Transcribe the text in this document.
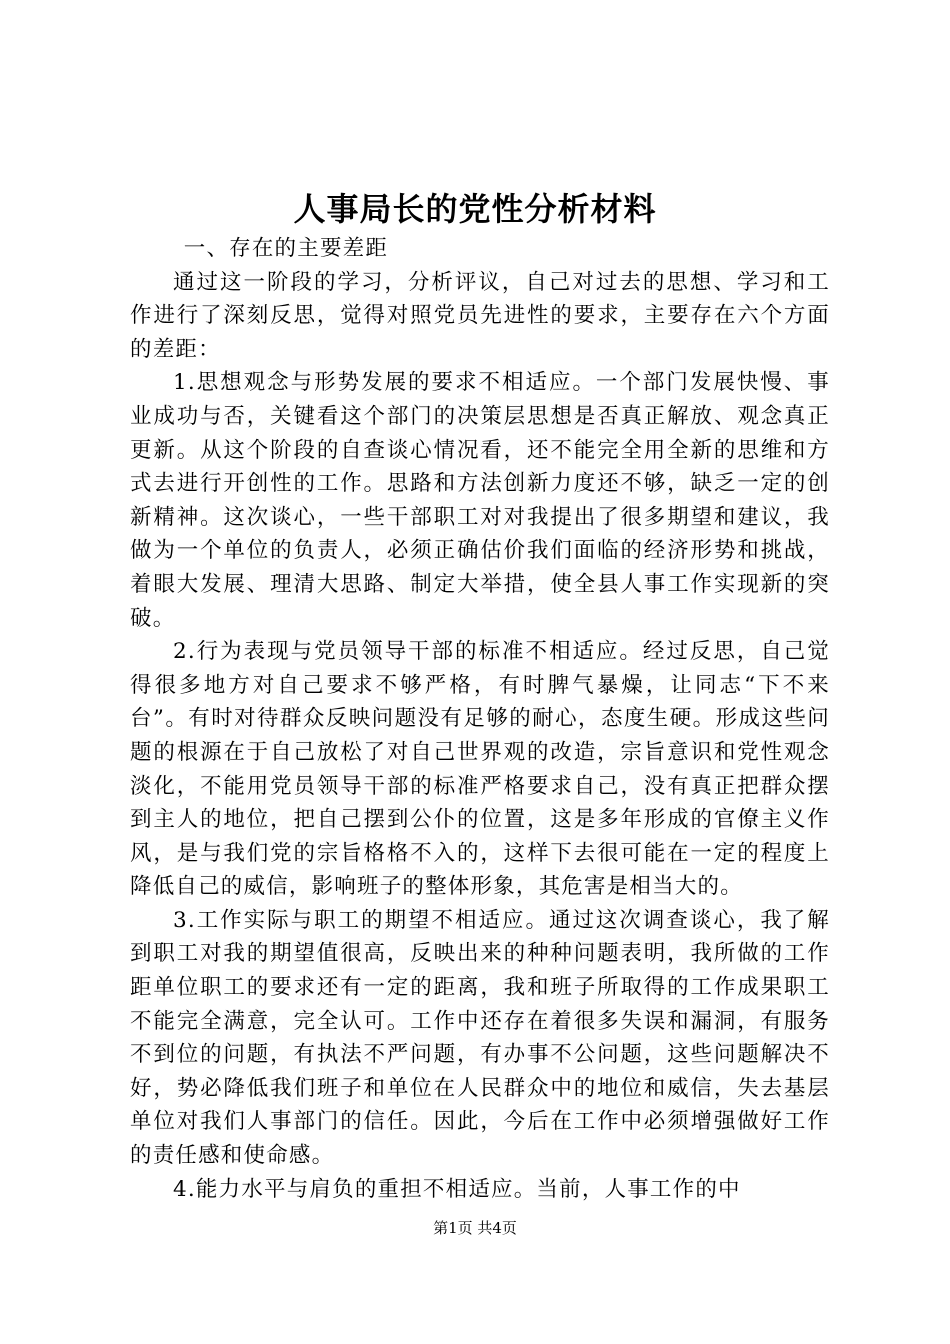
人事局长的党性分析材料

一、存在的主要差距

通过这一阶段的学习，分析评议，自己对过去的思想、学习和工作进行了深刻反思，觉得对照党员先进性的要求，主要存在六个方面的差距：

1.思想观念与形势发展的要求不相适应。一个部门发展快慢、事业成功与否，关键看这个部门的决策层思想是否真正解放、观念真正更新。从这个阶段的自查谈心情况看，还不能完全用全新的思维和方式去进行开创性的工作。思路和方法创新力度还不够，缺乏一定的创新精神。这次谈心，一些干部职工对对我提出了很多期望和建议，我做为一个单位的负责人，必须正确估价我们面临的经济形势和挑战，着眼大发展、理清大思路、制定大举措，使全县人事工作实现新的突破。

2.行为表现与党员领导干部的标准不相适应。经过反思，自己觉得很多地方对自己要求不够严格，有时脾气暴燥，让同志“下不来台”。有时对待群众反映问题没有足够的耐心，态度生硬。形成这些问题的根源在于自己放松了对自己世界观的改造，宗旨意识和党性观念淡化，不能用党员领导干部的标准严格要求自己，没有真正把群众摆到主人的地位，把自己摆到公仆的位置，这是多年形成的官僚主义作风，是与我们党的宗旨格格不入的，这样下去很可能在一定的程度上降低自己的威信，影响班子的整体形象，其危害是相当大的。

3.工作实际与职工的期望不相适应。通过这次调查谈心，我了解到职工对我的期望值很高，反映出来的种种问题表明，我所做的工作距单位职工的要求还有一定的距离，我和班子所取得的工作成果职工不能完全满意，完全认可。工作中还存在着很多失误和漏洞，有服务不到位的问题，有执法不严问题，有办事不公问题，这些问题解决不好，势必降低我们班子和单位在人民群众中的地位和威信，失去基层单位对我们人事部门的信任。因此，今后在工作中必须增强做好工作的责任感和使命感。

4.能力水平与肩负的重担不相适应。当前，人事工作的中

第1页 共4页
